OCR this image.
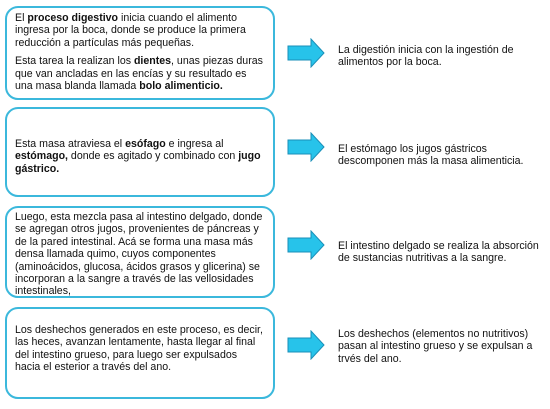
El proceso digestivo inicia cuando el alimento ingresa por la boca, donde se produce la primera reducción a partículas más pequeñas.

Esta tarea la realizan los dientes, unas piezas duras que van ancladas en las encías y su resultado es una masa blanda llamada bolo alimenticio.

La digestión inicia con la ingestión de alimentos por la boca.

Esta masa atraviesa el esófago e ingresa al estómago, donde es agitado y combinado con jugo gástrico.

El estómago los jugos gástricos descomponen más la masa alimenticia.

Luego, esta mezcla pasa al intestino delgado, donde se agregan otros jugos, provenientes de páncreas y de la pared intestinal. Acá se forma una masa más densa llamada quimo, cuyos componentes (aminoácidos, glucosa, ácidos grasos y glicerina) se incorporan a la sangre a través de las vellosidades intestinales,

El intestino delgado se realiza la absorción de sustancias nutritivas a la sangre.

Los deshechos generados en este proceso, es decir, las heces, avanzan lentamente, hasta llegar al final del intestino grueso, para luego ser expulsados hacia el esterior a través del ano.

Los deshechos (elementos no nutritivos) pasan al intestino grueso y se expulsan a trvés del ano.
